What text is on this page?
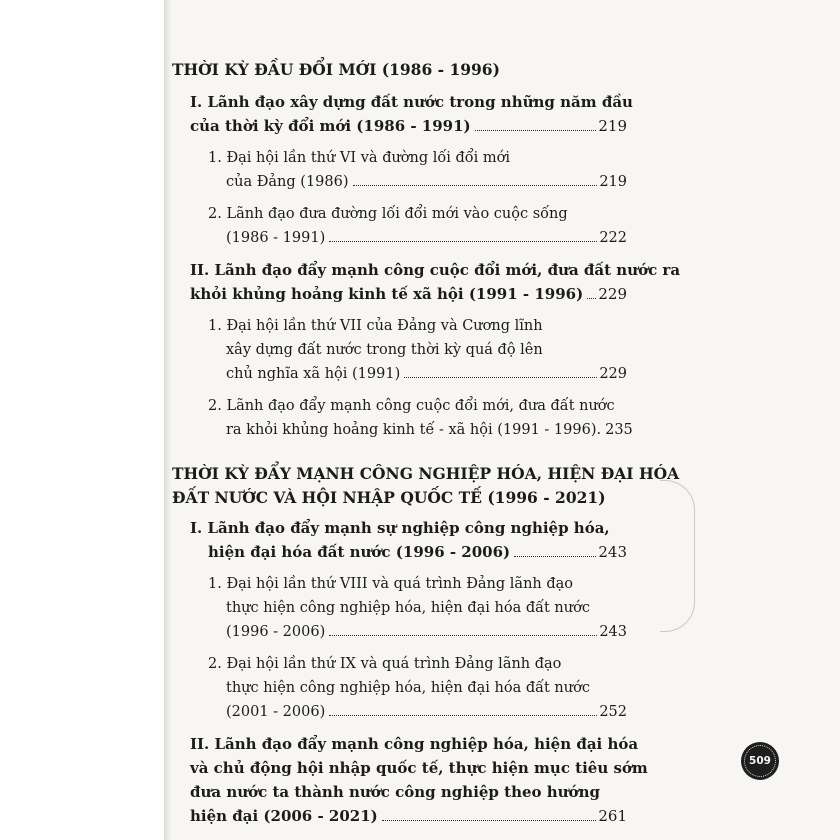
THỜI KỲ ĐẦU ĐỔI MỚI (1986 - 1996)
I. Lãnh đạo xây dựng đất nước trong những năm đầu
của thời kỳ đổi mới (1986 - 1991)	219
1. Đại hội lần thứ VI và đường lối đổi mới
của Đảng (1986)	219
2. Lãnh đạo đưa đường lối đổi mới vào cuộc sống
(1986 - 1991)	222
II. Lãnh đạo đẩy mạnh công cuộc đổi mới, đưa đất nước ra
khỏi khủng hoảng kinh tế xã hội (1991 - 1996) 229
1. Đại hội lần thứ VII của Đảng và Cương lĩnh
xây dựng đất nước trong thời kỳ quá độ lên
chủ nghĩa xã hội (1991)	229
2. Lãnh đạo đẩy mạnh công cuộc đổi mới, đưa đất nước
ra khỏi khủng hoảng kinh tế - xã hội (1991 - 1996). 235
THỜI KỲ ĐẨY MẠNH CÔNG NGHIỆP HÓA, HIỆN ĐẠI HÓA
ĐẤT NƯỚC VÀ HỘI NHẬP QUỐC TẾ (1996 - 2021)
I. Lãnh đạo đẩy mạnh sự nghiệp công nghiệp hóa,
hiện đại hóa đất nước (1996 - 2006)	243
1. Đại hội lần thứ VIII và quá trình Đảng lãnh đạo
thực hiện công nghiệp hóa, hiện đại hóa đất nước
(1996 - 2006)	243
2. Đại hội lần thứ IX và quá trình Đảng lãnh đạo
thực hiện công nghiệp hóa, hiện đại hóa đất nước
(2001 - 2006)	252
II. Lãnh đạo đẩy mạnh công nghiệp hóa, hiện đại hóa
và chủ động hội nhập quốc tế, thực hiện mục tiêu sớm
đưa nước ta thành nước công nghiệp theo hướng
hiện đại (2006 - 2021)	261
509
